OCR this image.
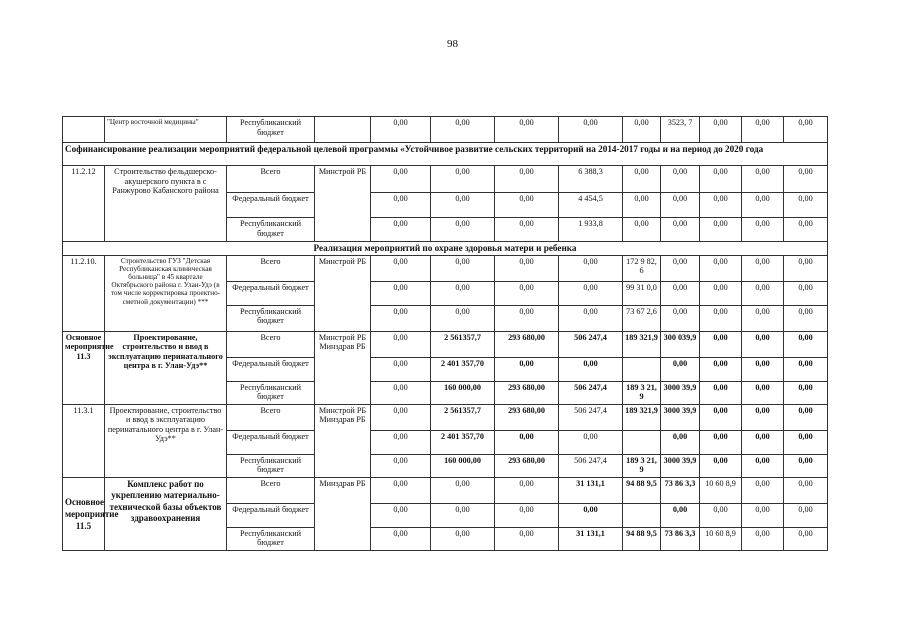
98
	"Центр восточной медицины"	Республиканский бюджет		0,00	0,00	0,00	0,00	0,00	3523, 7	0,00	0,00	0,00
Софинансирование реализации мероприятий федеральной целевой программы «Устойчивое развитие сельских территорий на 2014-2017 годы и на период до 2020 года												
11.2.12	Строительство фельдшерско-акушерского пункта в с Ранжурово Кабанского района	Всего	Минстрой РБ	0,00	0,00	0,00	6 388,3	0,00	0,00	0,00	0,00	0,00
		Федеральный бюджет		0,00	0,00	0,00	4 454,5	0,00	0,00	0,00	0,00	0,00
		Республиканский бюджет		0,00	0,00	0,00	1 933,8	0,00	0,00	0,00	0,00	0,00
Реализация мероприятий по охране здоровья матери и ребенка												
11.2.10.	Строительство ГУЗ "Детская Республиканская клиническая больница" в 45 квартале Октябрьского района г. Улан-Удэ (в том числе корректировка проектно-сметной документации) ***	Всего	Минстрой РБ	0,00	0,00	0,00	0,00	172 9 82,6	0,00	0,00	0,00	0,00
		Федеральный бюджет		0,00	0,00	0,00	0,00	99 31 0,0	0,00	0,00	0,00	0,00
		Республиканский бюджет		0,00	0,00	0,00	0,00	73 67 2,6	0,00	0,00	0,00	0,00
Основное мероприятие 11.3	Проектирование, строительство и ввод в эксплуатацию перинатального центра в г. Улан-Удэ**	Всего	Минстрой РБ Минздрав РБ	0,00	2 561357,7	293 680,00	506 247,4	189 321,9	300 039,9	0,00	0,00	0,00
		Федеральный бюджет		0,00	2 401 357,70	0,00	0,00		0,00	0,00	0,00	0,00
		Республиканский бюджет		0,00	160 000,00	293 680,00	506 247,4	189 3 21,9	3000 39,9	0,00	0,00	0,00
11.3.1	Проектирование, строительство и ввод в эксплуатацию перинатального центра в г. Улан-Удэ**	Всего	Минстрой РБ Минздрав РБ	0,00	2 561357,7	293 680,00	506 247,4	189 321,9	3000 39,9	0,00	0,00	0,00
		Федеральный бюджет		0,00	2 401 357,70	0,00	0,00		0,00	0,00	0,00	0,00
		Республиканский бюджет		0,00	160 000,00	293 680,00	506 247,4	189 3 21,9	3000 39,9	0,00	0,00	0,00
Основное мероприятие 11.5	Комплекс работ по укреплению материально-технической базы объектов здравоохранения	Всего	Минздрав РБ	0,00	0,00	0,00	31 131,1	94 88 9,5	73 86 3,3	10 60 8,9	0,00	0,00
		Федеральный бюджет		0,00	0,00	0,00	0,00		0,00	0,00	0,00	0,00
		Республиканский бюджет		0,00	0,00	0,00	31 131,1	94 88 9,5	73 86 3,3	10 60 8,9	0,00	0,00
